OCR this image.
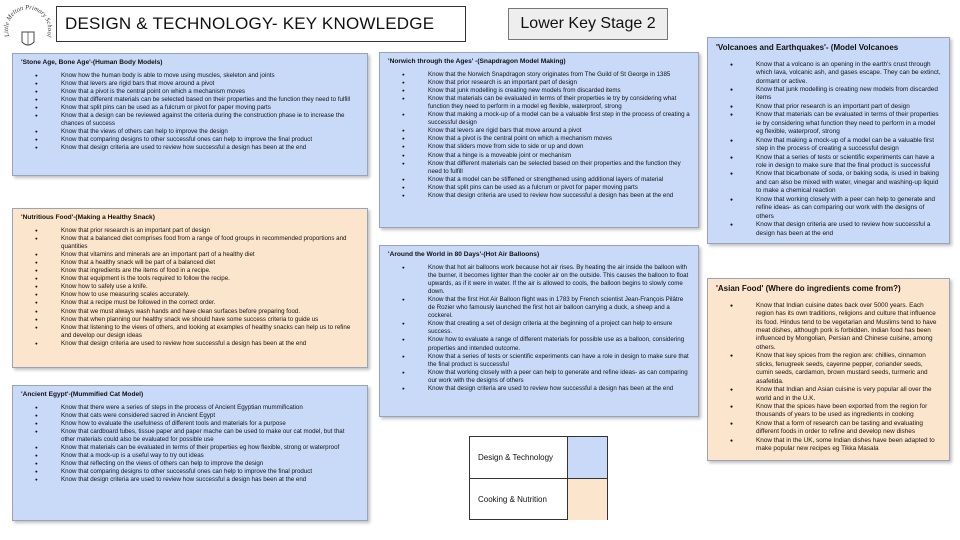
Little Melton Primary School
DESIGN & TECHNOLOGY- KEY KNOWLEDGE	Lower Key Stage 2
'Stone Age, Bone Age'-(Human Body Models)
● Know how the human body is able to move using muscles, skeleton and joints
● Know that levers are rigid bars that move around a pivot
● Know that a pivot is the central point on which a mechanism moves
● Know that different materials can be selected based on their properties and the function they need to fulfill
● Know that split pins can be used as a fulcrum or pivot for paper moving parts
● Know that a design can be reviewed against the criteria during the construction phase ie to increase the chances of success
● Know that the views of others can help to improve the design
● Know that comparing designs to other successful ones can help to improve the final product
● Know that design criteria are used to review how successful a design has been at the end
'Nutritious Food'-(Making a Healthy Snack)
● Know that prior research is an important part of design
● Know that a balanced diet comprises food from a range of food groups in recommended proportions and quantities
● Know that vitamins and minerals are an important part of a healthy diet
● Know that a healthy snack will be part of a balanced diet
● Know that ingredients are the items of food in a recipe.
● Know that equipment is the tools required to follow the recipe.
● Know how to safely use a knife.
● Know how to use measuring scales accurately.
● Know that a recipe must be followed in the correct order.
● Know that we must always wash hands and have clean surfaces before preparing food.
● Know that when planning our healthy snack we should have some success criteria to guide us
● Know that listening to the views of others, and looking at examples of healthy snacks can help us to refine and develop our design ideas
● Know that design criteria are used to review how successful a design has been at the end
'Ancient Egypt'-(Mummified Cat Model)
● Know that there were a series of steps in the process of Ancient Egyptian mummification
● Know that cats were considered sacred in Ancient Egypt
● Know how to evaluate the usefulness of different tools and materials for a purpose
● Know that cardboard tubes, tissue paper and paper mache can be used to make our cat model, but that other materials could also be evaluated for possible use
● Know that materials can be evaluated in terms of their properties eg how flexible, strong or waterproof
● Know that a mock-up is a useful way to try out ideas
● Know that reflecting on the views of others can help to improve the design
● Know that comparing designs to other successful ones can help to improve the final product
● Know that design criteria are used to review how successful a design has been at the end
'Norwich through the Ages' -(Snapdragon Model Making)
● Know that the Norwich Snapdragon story originates from The Guild of St George in 1385
● Know that prior research is an important part of design
● Know that junk modelling is creating new models from discarded items
● Know that materials can be evaluated in terms of their properties ie try by considering what function they need to perform in a model eg flexible, waterproof, strong
● Know that making a mock-up of a model can be a valuable first step in the process of creating a successful design
● Know that levers are rigid bars that move around a pivot
● Know that a pivot is the central point on which a mechanism moves
● Know that sliders move from side to side or up and down
● Know that a hinge is a moveable joint or mechanism
● Know that different materials can be selected based on their properties and the function they need to fulfill
● Know that a model can be stiffened or strengthened using additional layers of material
● Know that split pins can be used as a fulcrum or pivot for paper moving parts
● Know that design criteria are used to review how successful a design has been at the end
'Around the World in 80 Days'-(Hot Air Balloons)
● Know that hot air balloons work because hot air rises. By heating the air inside the balloon with the burner, it becomes lighter than the cooler air on the outside. This causes the balloon to float upwards, as if it were in water. If the air is allowed to cools, the balloon begins to slowly come down.
● Know that the first Hot Air Balloon flight was in 1783 by French scientist Jean-François Pilâtre de Rozier who famously launched the first hot air balloon carrying a duck, a sheep and a cockerel.
● Know that creating a set of design criteria at the beginning of a project can help to ensure success.
● Know how to evaluate a range of different materials for possible use as a balloon, considering properties and intended outcome.
● Know that a series of tests or scientific experiments can have a role in design to make sure that the final product is successful
● Know that working closely with a peer can help to generate and refine ideas- as can comparing our work with the designs of others
● Know that design criteria are used to review how successful a design has been at the end
'Volcanoes and Earthquakes'- (Model Volcanoes
● Know that a volcano is an opening in the earth's crust through which lava, volcanic ash, and gases escape. They can be extinct, dormant or active.
● Know that junk modelling is creating new models from discarded items
● Know that prior research is an important part of design
● Know that materials can be evaluated in terms of their properties ie by considering what function they need to perform in a model eg flexible, waterproof, strong
● Know that making a mock-up of a model can be a valuable first step in the process of creating a successful design
● Know that a series of tests or scientific experiments can have a role in design to make sure that the final product is successful
● Know that bicarbonate of soda, or baking soda, is used in baking and can also be mixed with water, vinegar and washing-up liquid to make a chemical reaction
● Know that working closely with a peer can help to generate and refine ideas- as can comparing our work with the designs of others
● Know that design criteria are used to review how successful a design has been at the end
'Asian Food' (Where do ingredients come from?)
● Know that Indian cuisine dates back over 5000 years. Each region has its own traditions, religions and culture that influence its food. Hindus tend to be vegetarian and Muslims tend to have meat dishes, although pork is forbidden. Indian food has been influenced by Mongolian, Persian and Chinese cuisine, among others.
● Know that key spices from the region are: chillies, cinnamon sticks, fenugreek seeds, cayenne pepper, coriander seeds, cumin seeds, cardamon, brown mustard seeds, turmeric and asafetida.
● Know that Indian and Asian cuisine is very popular all over the world and in the U.K.
● Know that the spices have been exported from the region for thousands of years to be used as ingredients in cooking
● Know that a form of research can be tasting and evaluating different foods in order to refine and develop new dishes
● Know that in the UK, some Indian dishes have been adapted to make popular new recipes eg Tikka Masala
Design & Technology
Cooking & Nutrition
